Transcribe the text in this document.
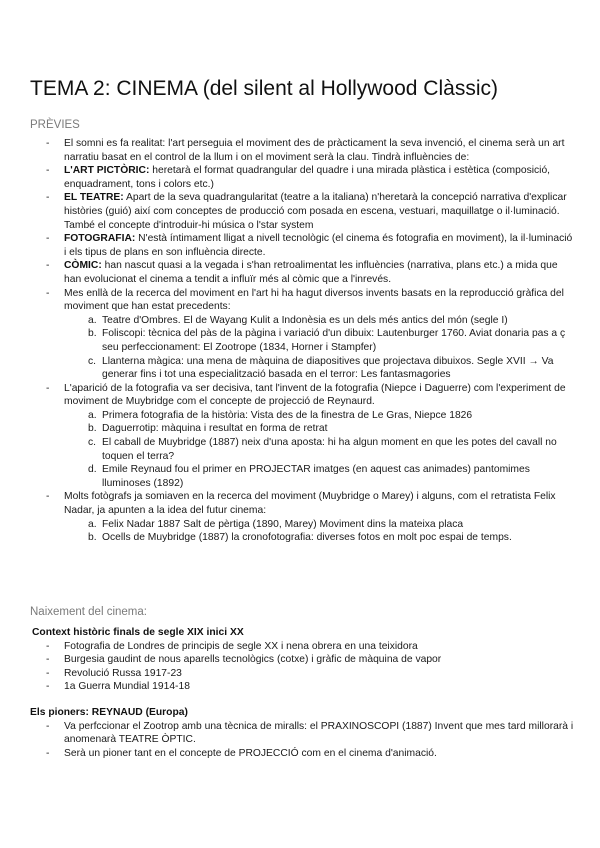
TEMA 2: CINEMA (del silent al Hollywood Clàssic)
PRÈVIES
- El somni es fa realitat: l'art perseguia el moviment des de pràcticament la seva invenció, el cinema serà un art narratiu basat en el control de la llum i on el moviment serà la clau. Tindrà influències de:
- L'ART PICTÒRIC: heretarà el format quadrangular del quadre i una mirada plàstica i estètica (composició, enquadrament, tons i colors etc.)
- EL TEATRE: Apart de la seva quadrangularitat (teatre a la italiana) n'heretarà la concepció narrativa d'explicar històries (guió) així com conceptes de producció com posada en escena, vestuari, maquillatge o il·luminació. També el concepte d'introduir-hi música o l'star system
- FOTOGRAFIA: N'està íntimament lligat a nivell tecnològic (el cinema és fotografia en moviment), la il·luminació i els tipus de plans en son influència directe.
- CÒMIC: han nascut quasi a la vegada i s'han retroalimentat les influències (narrativa, plans etc.) a mida que han evolucionat el cinema a tendit a influïr més al còmic que a l'inrevés.
- Mes enllà de la recerca del moviment en l'art hi ha hagut diversos invents basats en la reproducció gràfica del moviment que han estat precedents:
a. Teatre d'Ombres. El de Wayang Kulit a Indonèsia es un dels més antics del món (segle I)
b. Foliscopi: tècnica del pàs de la pàgina i variació d'un dibuix: Lautenburger 1760. Aviat donaria pas a ç seu perfeccionament: El Zootrope (1834, Horner i Stampfer)
c. Llanterna màgica: una mena de màquina de diapositives que projectava dibuixos. Segle XVII → Va generar fins i tot una especialització basada en el terror: Les fantasmagories
- L'aparició de la fotografia va ser decisiva, tant l'invent de la fotografia (Niepce i Daguerre) com l'experiment de moviment de Muybridge com el concepte de projecció de Reynaurd.
a. Primera fotografia de la història: Vista des de la finestra de Le Gras, Niepce 1826
b. Daguerrotip: màquina i resultat en forma de retrat
c. El caball de Muybridge (1887) neix d'una aposta: hi ha algun moment en que les potes del cavall no toquen el terra?
d. Emile Reynaud fou el primer en PROJECTAR imatges (en aquest cas animades) pantomimes lluminoses (1892)
- Molts fotògrafs ja somiaven en la recerca del moviment (Muybridge o Marey) i alguns, com el retratista Felix Nadar, ja apunten a la idea del futur cinema:
a. Felix Nadar 1887 Salt de pèrtiga (1890, Marey) Moviment dins la mateixa placa
b. Ocells de Muybridge (1887) la cronofotografia: diverses fotos en molt poc espai de temps.
Naixement del cinema:
Context històric finals de segle XIX inici XX
- Fotografia de Londres de principis de segle XX i nena obrera en una teixidora
- Burgesia gaudint de nous aparells tecnològics (cotxe) i gràfic de màquina de vapor
- Revolució Russa 1917-23
- 1a Guerra Mundial 1914-18
Els pioners: REYNAUD (Europa)
- Va perfccionar el Zootrop amb una tècnica de miralls: el PRAXINOSCOPI (1887) Invent que mes tard millorarà i anomenarà TEATRE ÒPTIC.
- Serà un pioner tant en el concepte de PROJECCIÓ com en el cinema d'animació.
